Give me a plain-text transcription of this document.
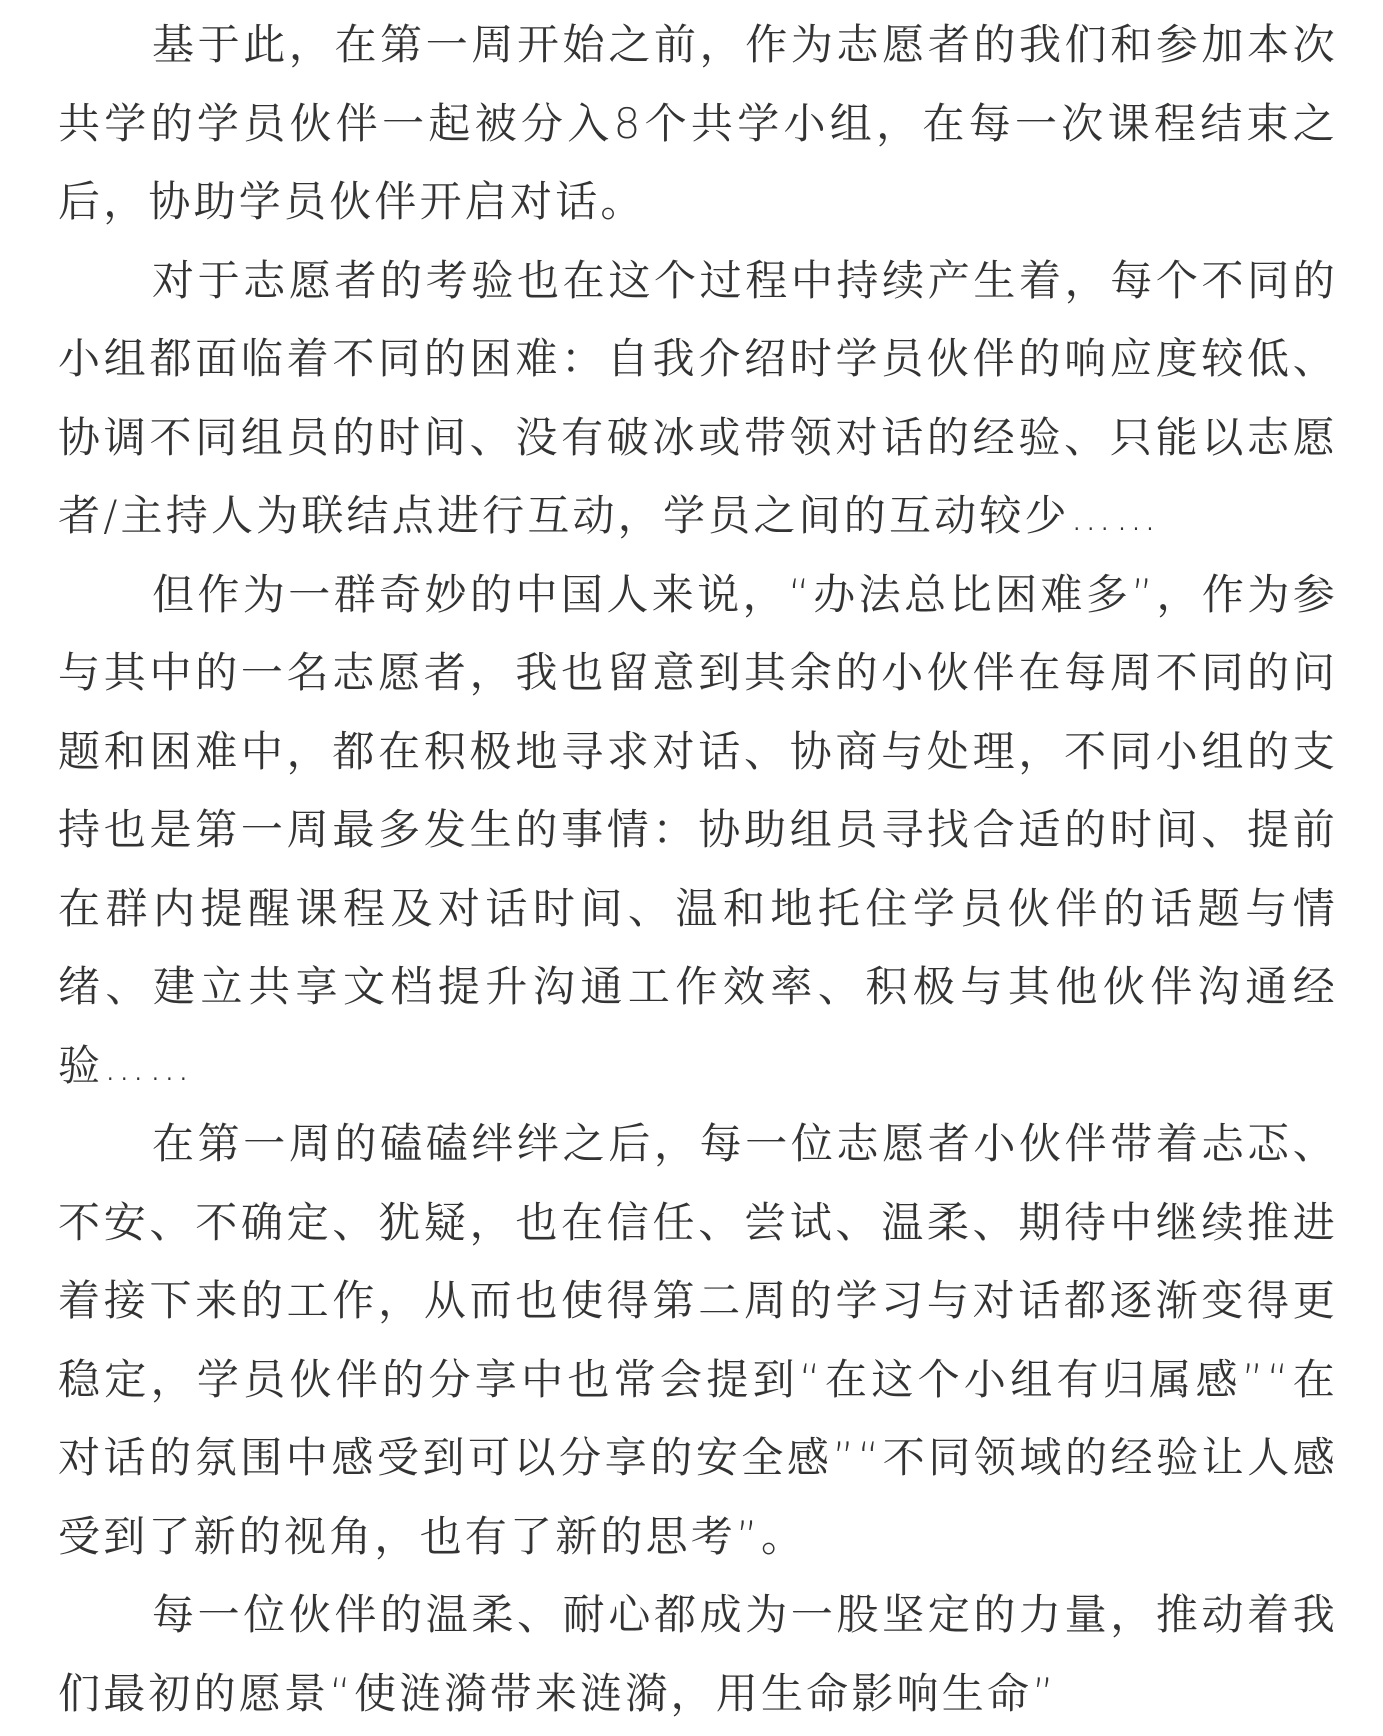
基于此，在第一周开始之前，作为志愿者的我们和参加本次共学的学员伙伴一起被分入8个共学小组，在每一次课程结束之后，协助学员伙伴开启对话。

对于志愿者的考验也在这个过程中持续产生着，每个不同的小组都面临着不同的困难：自我介绍时学员伙伴的响应度较低、协调不同组员的时间、没有破冰或带领对话的经验、只能以志愿者/主持人为联结点进行互动，学员之间的互动较少……

但作为一群奇妙的中国人来说，“办法总比困难多”，作为参与其中的一名志愿者，我也留意到其余的小伙伴在每周不同的问题和困难中，都在积极地寻求对话、协商与处理，不同小组的支持也是第一周最多发生的事情：协助组员寻找合适的时间、提前在群内提醒课程及对话时间、温和地托住学员伙伴的话题与情绪、建立共享文档提升沟通工作效率、积极与其他伙伴沟通经验……

在第一周的磕磕绊绊之后，每一位志愿者小伙伴带着忐忑、不安、不确定、犹疑，也在信任、尝试、温柔、期待中继续推进着接下来的工作，从而也使得第二周的学习与对话都逐渐变得更稳定，学员伙伴的分享中也常会提到“在这个小组有归属感”“在对话的氛围中感受到可以分享的安全感”“不同领域的经验让人感受到了新的视角，也有了新的思考”。

每一位伙伴的温柔、耐心都成为一股坚定的力量，推动着我们最初的愿景“使涟漪带来涟漪，用生命影响生命”
